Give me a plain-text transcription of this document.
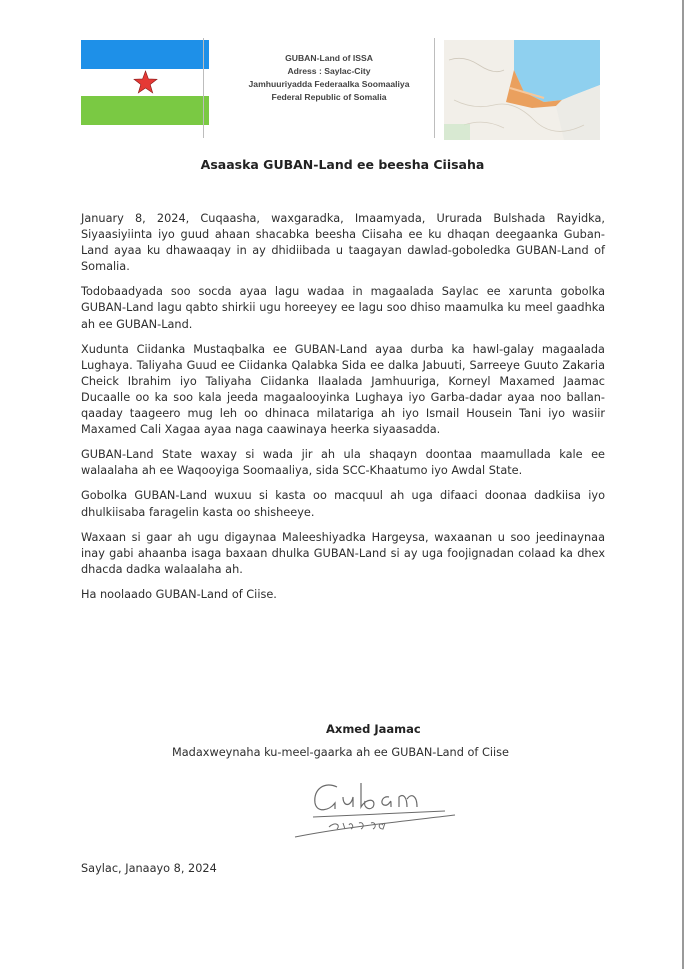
GUBAN-Land of ISSA
Adress : Saylac-City
Jamhuuriyadda Federaalka Soomaaliya
Federal Republic of Somalia
Asaaska GUBAN-Land ee beesha Ciisaha

January 8, 2024, Cuqaasha, waxgaradka, Imaamyada, Ururada Bulshada Rayidka, Siyaasiyiinta iyo guud ahaan shacabka beesha Ciisaha ee ku dhaqan deegaanka Guban-Land ayaa ku dhawaaqay in ay dhidiibada u taagayan dawlad-goboledka GUBAN-Land of Somalia.

Todobaadyada soo socda ayaa lagu wadaa in magaalada Saylac ee xarunta gobolka GUBAN-Land lagu qabto shirkii ugu horeeyey ee lagu soo dhiso maamulka ku meel gaadhka ah ee GUBAN-Land.

Xudunta Ciidanka Mustaqbalka ee GUBAN-Land ayaa durba ka hawl-galay magaalada Lughaya. Taliyaha Guud ee Ciidanka Qalabka Sida ee dalka Jabuuti, Sarreeye Guuto Zakaria Cheick Ibrahim iyo Taliyaha Ciidanka Ilaalada Jamhuuriga, Korneyl Maxamed Jaamac Ducaalle oo ka soo kala jeeda magaalooyinka Lughaya iyo Garba-dadar ayaa noo ballan-qaaday taageero mug leh oo dhinaca milatariga ah iyo Ismail Housein Tani iyo wasiir Maxamed Cali Xagaa ayaa naga caawinaya heerka siyaasadda.

GUBAN-Land State waxay si wada jir ah ula shaqayn doontaa maamullada kale ee walaalaha ah ee Waqooyiga Soomaaliya, sida SCC-Khaatumo iyo Awdal State.

Gobolka GUBAN-Land wuxuu si kasta oo macquul ah uga difaaci doonaa dadkiisa iyo dhulkiisaba faragelin kasta oo shisheeye.

Waxaan si gaar ah ugu digaynaa Maleeshiyadka Hargeysa, waxaanan u soo jeedinaynaa inay gabi ahaanba isaga baxaan dhulka GUBAN-Land si ay uga foojignadan colaad ka dhex dhacda dadka walaalaha ah.

Ha noolaado GUBAN-Land of Ciise.

Axmed Jaamac
Madaxweynaha ku-meel-gaarka ah ee GUBAN-Land of Ciise
Saylac, Janaayo 8, 2024
